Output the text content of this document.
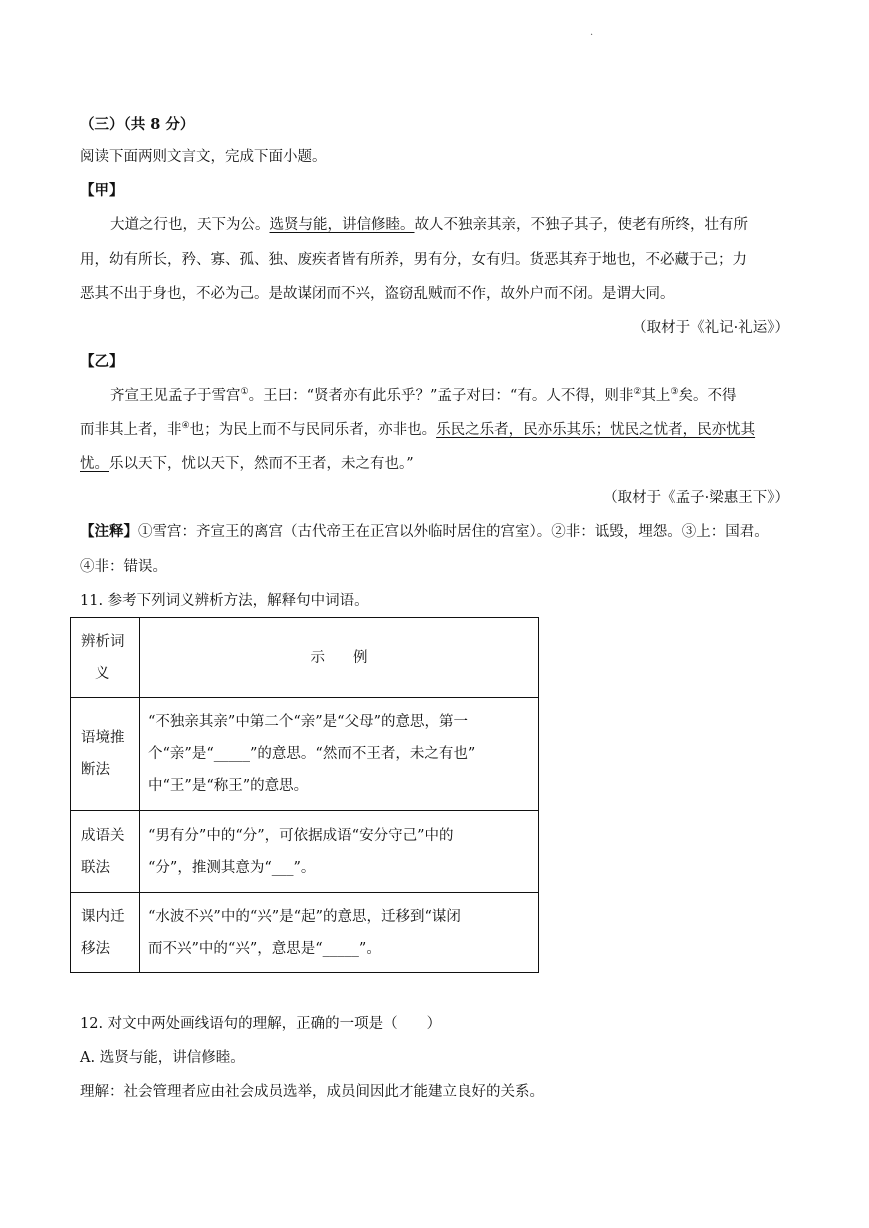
·
（三）（共 8 分）
阅读下面两则文言文，完成下面小题。
【甲】
大道之行也，天下为公。选贤与能，讲信修睦。故人不独亲其亲，不独子其子，使老有所终，壮有所
用，幼有所长，矜、寡、孤、独、废疾者皆有所养，男有分，女有归。货恶其弃于地也，不必藏于己；力
恶其不出于身也，不必为己。是故谋闭而不兴，盗窃乱贼而不作，故外户而不闭。是谓大同。
（取材于《礼记·礼运》）
【乙】
齐宣王见孟子于雪宫①。王曰：“贤者亦有此乐乎？”孟子对曰：“有。人不得，则非②其上③矣。不得
而非其上者，非④也；为民上而不与民同乐者，亦非也。乐民之乐者，民亦乐其乐；忧民之忧者，民亦忧其
忧。乐以天下，忧以天下，然而不王者，未之有也。”
（取材于《孟子·梁惠王下》）
【注释】①雪宫：齐宣王的离宫（古代帝王在正宫以外临时居住的宫室）。②非：诋毁，埋怨。③上：国君。
④非：错误。
11. 参考下列词义辨析方法，解释句中词语。
辨析词
义	示例
语境推
断法	“不独亲其亲”中第二个“亲”是“父母”的意思，第一
个“亲”是“_____”的意思。“然而不王者，未之有也”
中“王”是“称王”的意思。
成语关
联法	“男有分”中的“分”，可依据成语“安分守己”中的
“分”，推测其意为“___”。
课内迁
移法	“水波不兴”中的“兴”是“起”的意思，迁移到“谋闭
而不兴”中的“兴”，意思是“_____”。
12. 对文中两处画线语句的理解，正确的一项是（　　）
A. 选贤与能，讲信修睦。
理解：社会管理者应由社会成员选举，成员间因此才能建立良好的关系。
